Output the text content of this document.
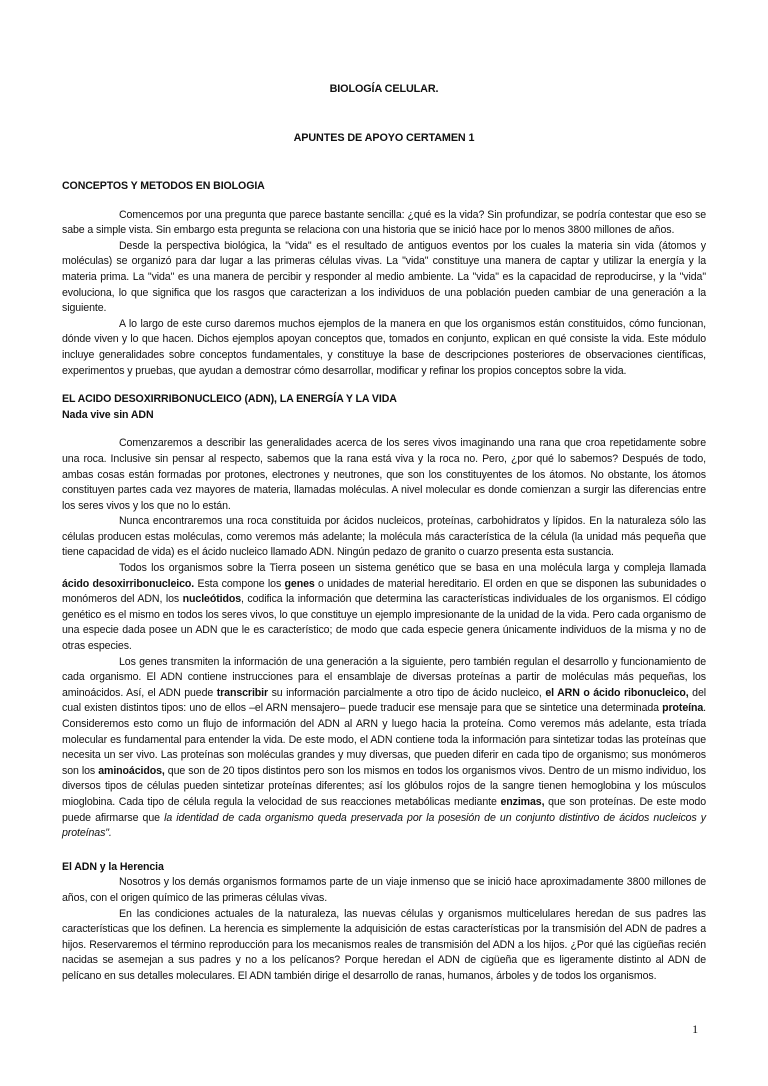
BIOLOGÍA CELULAR.
APUNTES DE APOYO CERTAMEN 1

CONCEPTOS Y METODOS EN BIOLOGIA

Comencemos por una pregunta que parece bastante sencilla: ¿qué es la vida? Sin profundizar, se podría contestar que eso se sabe a simple vista. Sin embargo esta pregunta se relaciona con una historia que se inició hace por lo menos 3800 millones de años.

Desde la perspectiva biológica, la "vida" es el resultado de antiguos eventos por los cuales la materia sin vida (átomos y moléculas) se organizó para dar lugar a las primeras células vivas. La "vida" constituye una manera de captar y utilizar la energía y la materia prima. La "vida" es una manera de percibir y responder al medio ambiente. La "vida" es la capacidad de reproducirse, y la "vida" evoluciona, lo que significa que los rasgos que caracterizan a los individuos de una población pueden cambiar de una generación a la siguiente.

A lo largo de este curso daremos muchos ejemplos de la manera en que los organismos están constituidos, cómo funcionan, dónde viven y lo que hacen. Dichos ejemplos apoyan conceptos que, tomados en conjunto, explican en qué consiste la vida. Este módulo incluye generalidades sobre conceptos fundamentales, y constituye la base de descripciones posteriores de observaciones científicas, experimentos y pruebas, que ayudan a demostrar cómo desarrollar, modificar y refinar los propios conceptos sobre la vida.

EL ACIDO DESOXIRRIBONUCLEICO (ADN), LA ENERGÍA Y LA VIDA

Nada vive sin ADN

Comenzaremos a describir las generalidades acerca de los seres vivos imaginando una rana que croa repetidamente sobre una roca. Inclusive sin pensar al respecto, sabemos que la rana está viva y la roca no. Pero, ¿por qué lo sabemos? Después de todo, ambas cosas están formadas por protones, electrones y neutrones, que son los constituyentes de los átomos. No obstante, los átomos constituyen partes cada vez mayores de materia, llamadas moléculas. A nivel molecular es donde comienzan a surgir las diferencias entre los seres vivos y los que no lo están.

Nunca encontraremos una roca constituida por ácidos nucleicos, proteínas, carbohidratos y lípidos. En la naturaleza sólo las células producen estas moléculas, como veremos más adelante; la molécula más característica de la célula (la unidad más pequeña que tiene capacidad de vida) es el ácido nucleico llamado ADN. Ningún pedazo de granito o cuarzo presenta esta sustancia.

Todos los organismos sobre la Tierra poseen un sistema genético que se basa en una molécula larga y compleja llamada ácido desoxirribonucleico. Esta compone los genes o unidades de material hereditario. El orden en que se disponen las subunidades o monómeros del ADN, los nucleótidos, codifica la información que determina las características individuales de los organismos. El código genético es el mismo en todos los seres vivos, lo que constituye un ejemplo impresionante de la unidad de la vida. Pero cada organismo de una especie dada posee un ADN que le es característico; de modo que cada especie genera únicamente individuos de la misma y no de otras especies.

Los genes transmiten la información de una generación a la siguiente, pero también regulan el desarrollo y funcionamiento de cada organismo. El ADN contiene instrucciones para el ensamblaje de diversas proteínas a partir de moléculas más pequeñas, los aminoácidos. Así, el ADN puede transcribir su información parcialmente a otro tipo de ácido nucleico, el ARN o ácido ribonucleico, del cual existen distintos tipos: uno de ellos –el ARN mensajero– puede traducir ese mensaje para que se sintetice una determinada proteína. Consideremos esto como un flujo de información del ADN al ARN y luego hacia la proteína. Como veremos más adelante, esta tríada molecular es fundamental para entender la vida. De este modo, el ADN contiene toda la información para sintetizar todas las proteínas que necesita un ser vivo. Las proteínas son moléculas grandes y muy diversas, que pueden diferir en cada tipo de organismo; sus monómeros son los aminoácidos, que son de 20 tipos distintos pero son los mismos en todos los organismos vivos. Dentro de un mismo individuo, los diversos tipos de células pueden sintetizar proteínas diferentes; así los glóbulos rojos de la sangre tienen hemoglobina y los músculos mioglobina. Cada tipo de célula regula la velocidad de sus reacciones metabólicas mediante enzimas, que son proteínas. De este modo puede afirmarse que la identidad de cada organismo queda preservada por la posesión de un conjunto distintivo de ácidos nucleicos y proteínas".

El ADN y la Herencia

Nosotros y los demás organismos formamos parte de un viaje inmenso que se inició hace aproximadamente 3800 millones de años, con el origen químico de las primeras células vivas.

En las condiciones actuales de la naturaleza, las nuevas células y organismos multicelulares heredan de sus padres las características que los definen. La herencia es simplemente la adquisición de estas características por la transmisión del ADN de padres a hijos. Reservaremos el término reproducción para los mecanismos reales de transmisión del ADN a los hijos. ¿Por qué las cigüeñas recién nacidas se asemejan a sus padres y no a los pelícanos? Porque heredan el ADN de cigüeña que es ligeramente distinto al ADN de pelícano en sus detalles moleculares. El ADN también dirige el desarrollo de ranas, humanos, árboles y de todos los organismos.

1
